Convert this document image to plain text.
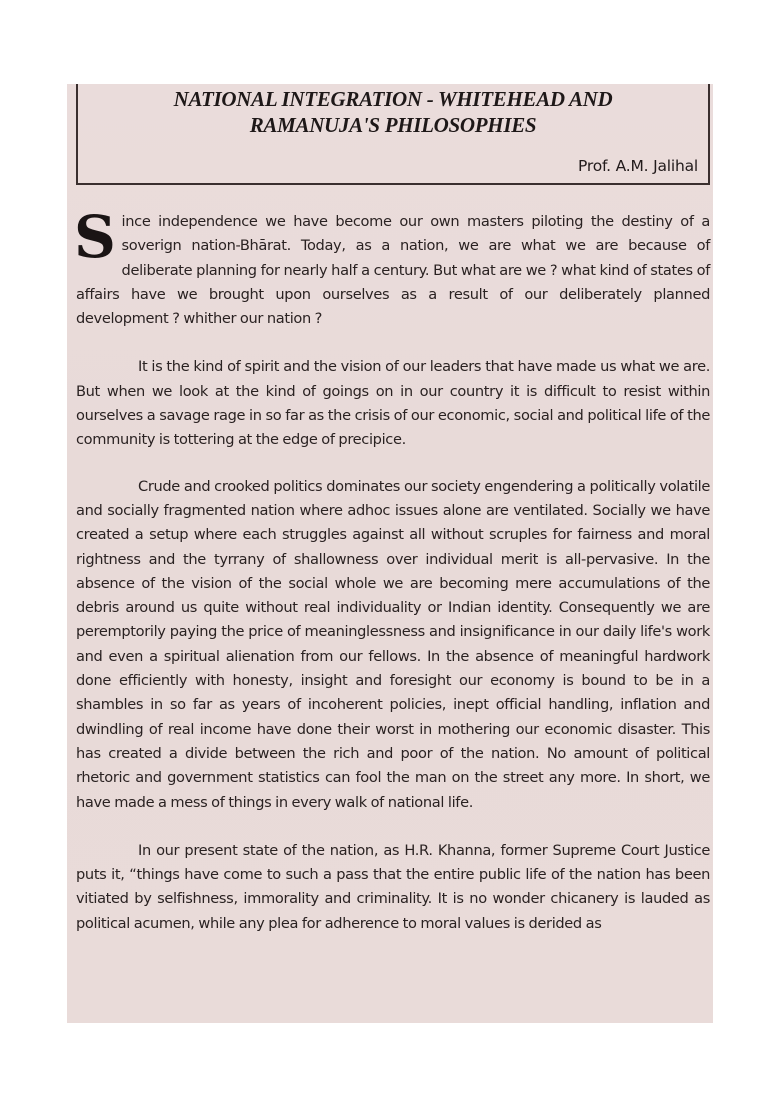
NATIONAL INTEGRATION - WHITEHEAD AND
RAMANUJA'S PHILOSOPHIES
Prof. A.M. Jalihal

Since independence we have become our own masters piloting the destiny of a soverign nation-Bhārat. Today, as a nation, we are what we are because of deliberate planning for nearly half a century. But what are we ? what kind of states of affairs have we brought upon ourselves as a result of our deliberately planned development ? whither our nation ?

It is the kind of spirit and the vision of our leaders that have made us what we are. But when we look at the kind of goings on in our country it is difficult to resist within ourselves a savage rage in so far as the crisis of our economic, social and political life of the community is tottering at the edge of precipice.

Crude and crooked politics dominates our society engendering a politically volatile and socially fragmented nation where adhoc issues alone are ventilated. Socially we have created a setup where each struggles against all without scruples for fairness and moral rightness and the tyrrany of shallowness over individual merit is all-pervasive. In the absence of the vision of the social whole we are becoming mere accumulations of the debris around us quite without real individuality or Indian identity. Consequently we are peremptorily paying the price of meaninglessness and insignificance in our daily life's work and even a spiritual alienation from our fellows. In the absence of meaningful hardwork done efficiently with honesty, insight and foresight our economy is bound to be in a shambles in so far as years of incoherent policies, inept official handling, inflation and dwindling of real income have done their worst in mothering our economic disaster. This has created a divide between the rich and poor of the nation. No amount of political rhetoric and government statistics can fool the man on the street any more. In short, we have made a mess of things in every walk of national life.

In our present state of the nation, as H.R. Khanna, former Supreme Court Justice puts it, “things have come to such a pass that the entire public life of the nation has been vitiated by selfishness, immorality and criminality. It is no wonder chicanery is lauded as political acumen, while any plea for adherence to moral values is derided as
